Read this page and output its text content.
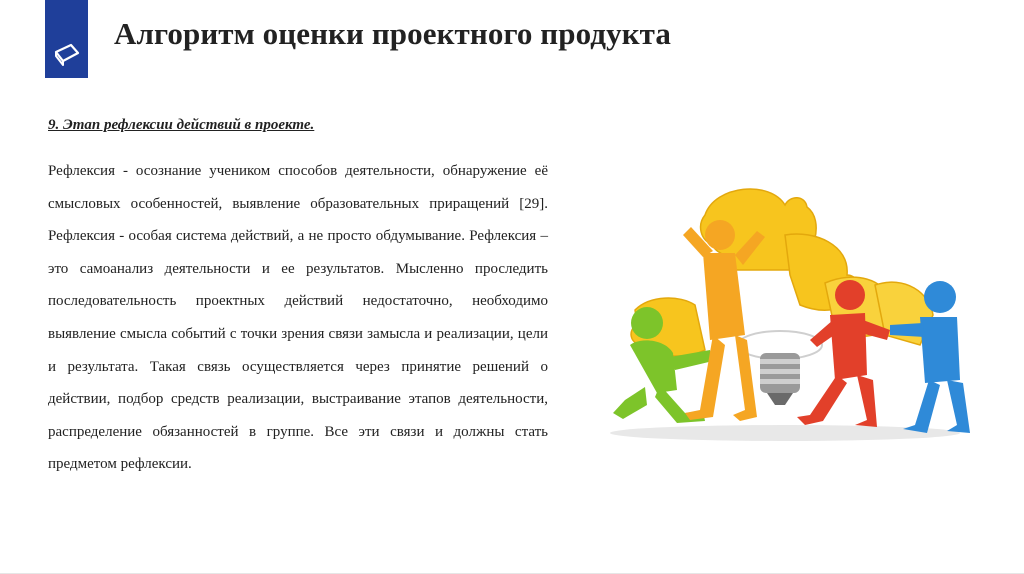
Алгоритм оценки проектного продукта
9. Этап рефлексии действий в проекте.
Рефлексия - осознание учеником способов деятельности, обнаружение её смысловых особенностей, выявление образовательных приращений [29]. Рефлексия - особая система действий, а не просто обдумывание. Рефлексия – это самоанализ деятельности и ее результатов. Мысленно проследить последовательность проектных действий недостаточно, необходимо выявление смысла событий с точки зрения связи замысла и реализации, цели и результата. Такая связь осуществляется через принятие решений о действии, подбор средств реализации, выстраивание этапов деятельности, распределение обязанностей в группе. Все эти связи и должны стать предметом рефлексии.
